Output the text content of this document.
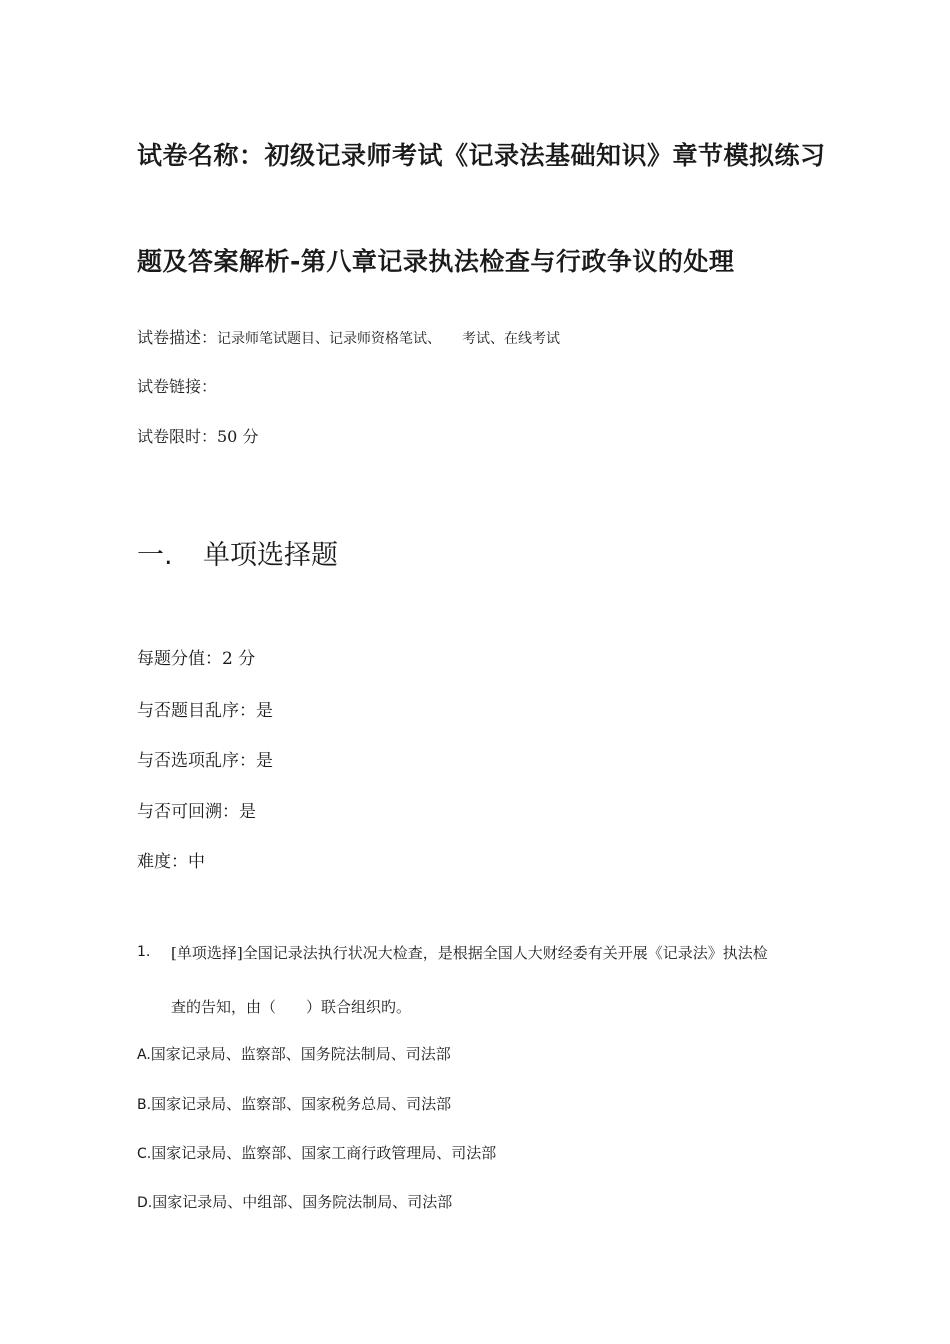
试卷名称：初级记录师考试《记录法基础知识》章节模拟练习
题及答案解析-第八章记录执法检查与行政争议的处理
试卷描述：记录师笔试题目、记录师资格笔试、　　考试、在线考试
试卷链接：
试卷限时：50 分
一. 单项选择题
每题分值：2 分
与否题目乱序：是
与否选项乱序：是
与否可回溯：是
难度：中
1. [单项选择]全国记录法执行状况大检查，是根据全国人大财经委有关开展《记录法》执法检
查的告知，由（　　）联合组织旳。
A.国家记录局、监察部、国务院法制局、司法部
B.国家记录局、监察部、国家税务总局、司法部
C.国家记录局、监察部、国家工商行政管理局、司法部
D.国家记录局、中组部、国务院法制局、司法部
